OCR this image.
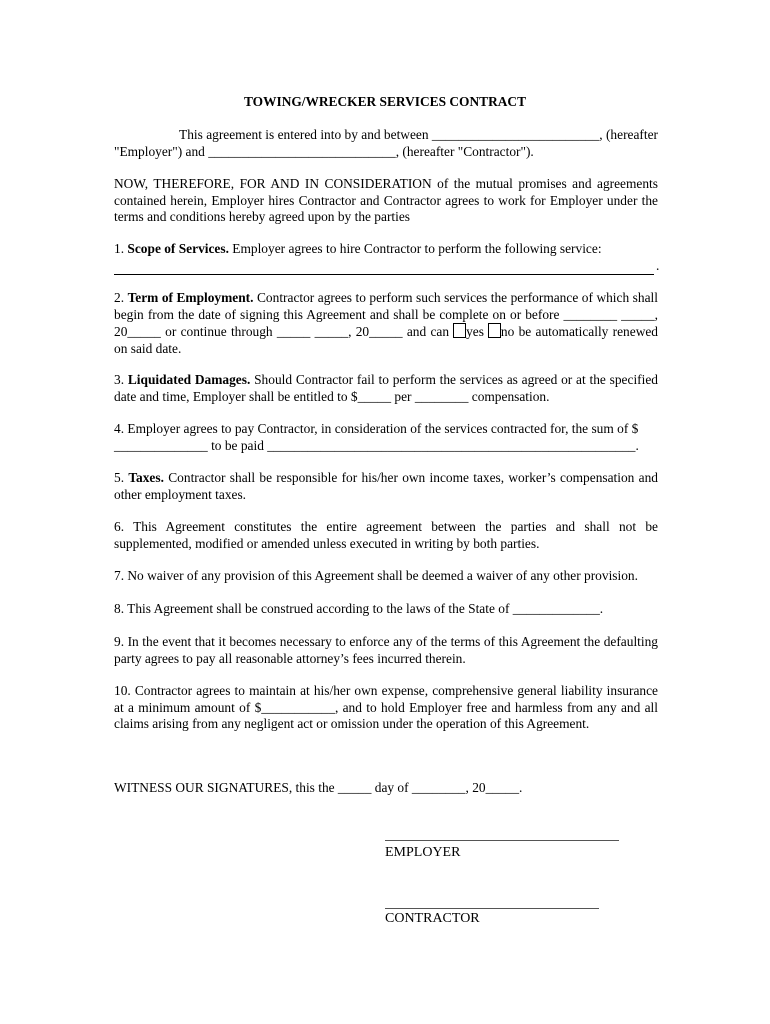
TOWING/WRECKER SERVICES CONTRACT

This agreement is entered into by and between _________________________, (hereafter
"Employer") and ____________________________, (hereafter "Contractor").

NOW, THEREFORE, FOR AND IN CONSIDERATION of the mutual promises and agreements contained herein, Employer hires Contractor and Contractor agrees to work for Employer under the terms and conditions hereby agreed upon by the parties

1. Scope of Services. Employer agrees to hire Contractor to perform the following service:
.

2. Term of Employment. Contractor agrees to perform such services the performance of which shall begin from the date of signing this Agreement and shall be complete on or before ________ _____, 20_____ or continue through _____ _____, 20_____ and can yes no be automatically renewed on said date.

3. Liquidated Damages. Should Contractor fail to perform the services as agreed or at the specified date and time, Employer shall be entitled to $_____ per ________ compensation.

4. Employer agrees to pay Contractor, in consideration of the services contracted for, the sum of $
______________ to be paid _______________________________________________________.

5. Taxes. Contractor shall be responsible for his/her own income taxes, worker’s compensation and other employment taxes.

6. This Agreement constitutes the entire agreement between the parties and shall not be supplemented, modified or amended unless executed in writing by both parties.

7. No waiver of any provision of this Agreement shall be deemed a waiver of any other provision.

8. This Agreement shall be construed according to the laws of the State of _____________.

9. In the event that it becomes necessary to enforce any of the terms of this Agreement the defaulting party agrees to pay all reasonable attorney’s fees incurred therein.

10. Contractor agrees to maintain at his/her own expense, comprehensive general liability insurance at a minimum amount of $___________, and to hold Employer free and harmless from any and all claims arising from any negligent act or omission under the operation of this Agreement.

WITNESS OUR SIGNATURES, this the _____ day of ________, 20_____.

EMPLOYER
CONTRACTOR
